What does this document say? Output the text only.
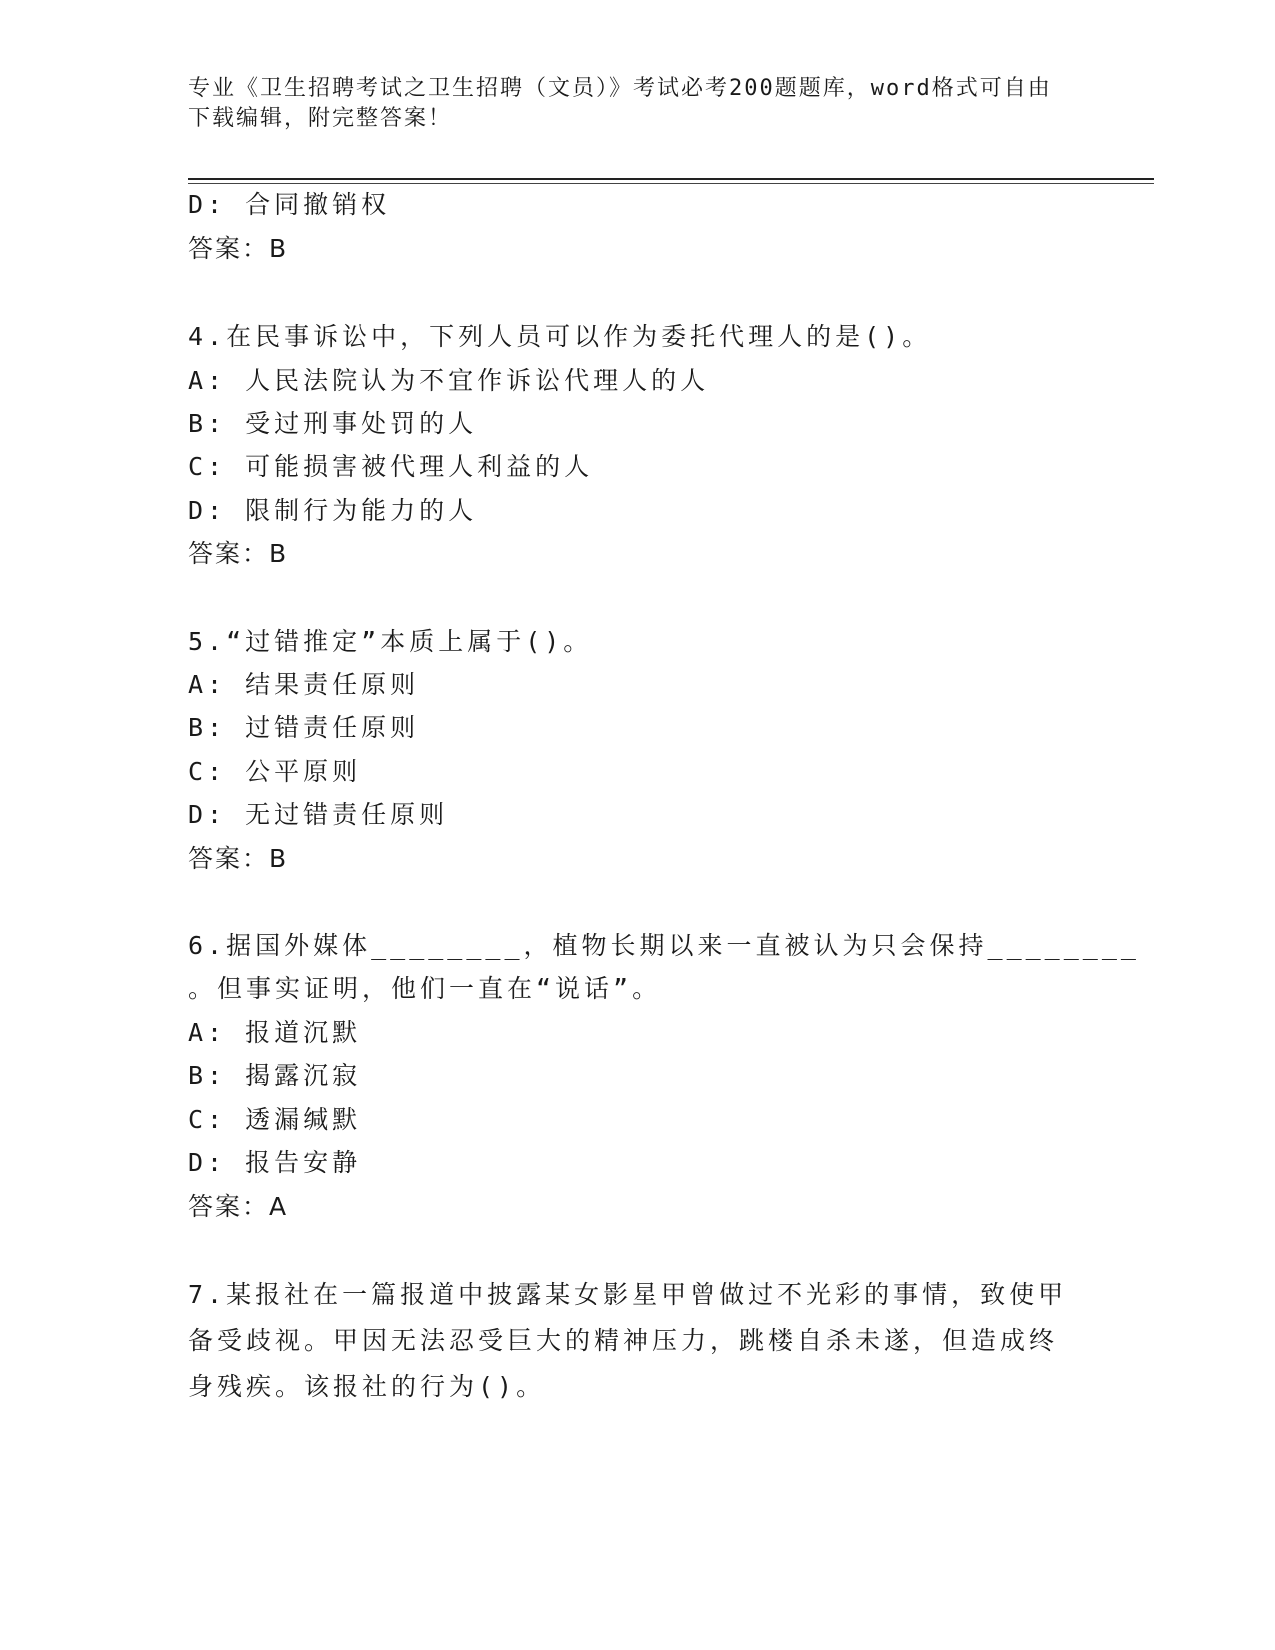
专业《卫生招聘考试之卫生招聘（文员）》考试必考200题题库，word格式可自由下载编辑，附完整答案！
D: 合同撤销权
答案：B
4.在民事诉讼中，下列人员可以作为委托代理人的是()。
A: 人民法院认为不宜作诉讼代理人的人
B: 受过刑事处罚的人
C: 可能损害被代理人利益的人
D: 限制行为能力的人
答案：B
5.“过错推定”本质上属于()。
A: 结果责任原则
B: 过错责任原则
C: 公平原则
D: 无过错责任原则
答案：B
6.据国外媒体________，植物长期以来一直被认为只会保持________
。但事实证明，他们一直在“说话”。
A: 报道沉默
B: 揭露沉寂
C: 透漏缄默
D: 报告安静
答案：A
7.某报社在一篇报道中披露某女影星甲曾做过不光彩的事情，致使甲备受歧视。甲因无法忍受巨大的精神压力，跳楼自杀未遂，但造成终身残疾。该报社的行为()。
